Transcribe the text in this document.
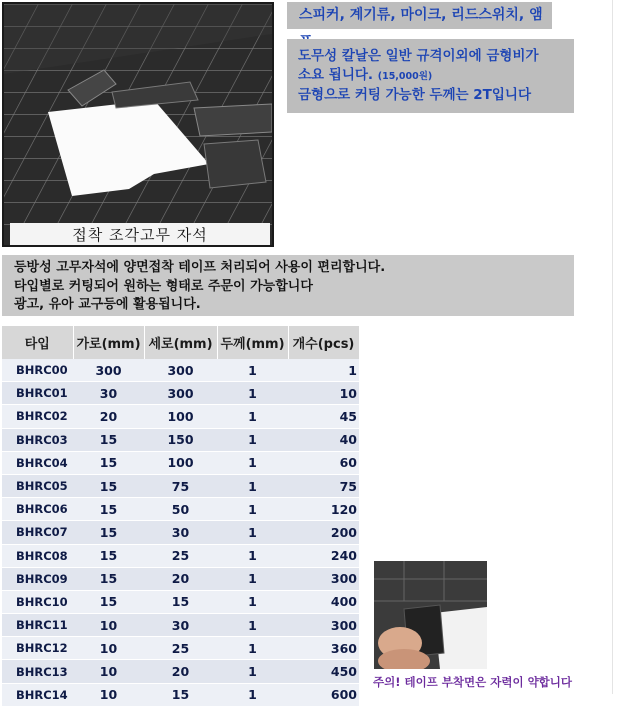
접착 조각고무 자석
스피커, 계기류, 마이크, 리드스위치, 앰
도무성 칼날은 일반 규격이외에 금형비가
소요 됩니다. (15,000원)
금형으로 커팅 가능한 두께는 2T입니다
등방성 고무자석에 양면접착 테이프 처리되어 사용이 편리합니다.
타입별로 커팅되어 원하는 형태로 주문이 가능합니다
광고, 유아 교구등에 활용됩니다.
타입	가로(mm)	세로(mm)	두께(mm)	개수(pcs)
BHRC00	300	300	1	1
BHRC01	30	300	1	10
BHRC02	20	100	1	45
BHRC03	15	150	1	40
BHRC04	15	100	1	60
BHRC05	15	75	1	75
BHRC06	15	50	1	120
BHRC07	15	30	1	200
BHRC08	15	25	1	240
BHRC09	15	20	1	300
BHRC10	15	15	1	400
BHRC11	10	30	1	300
BHRC12	10	25	1	360
BHRC13	10	20	1	450
BHRC14	10	15	1	600
주의! 테이프 부착면은 자력이 약합니다
